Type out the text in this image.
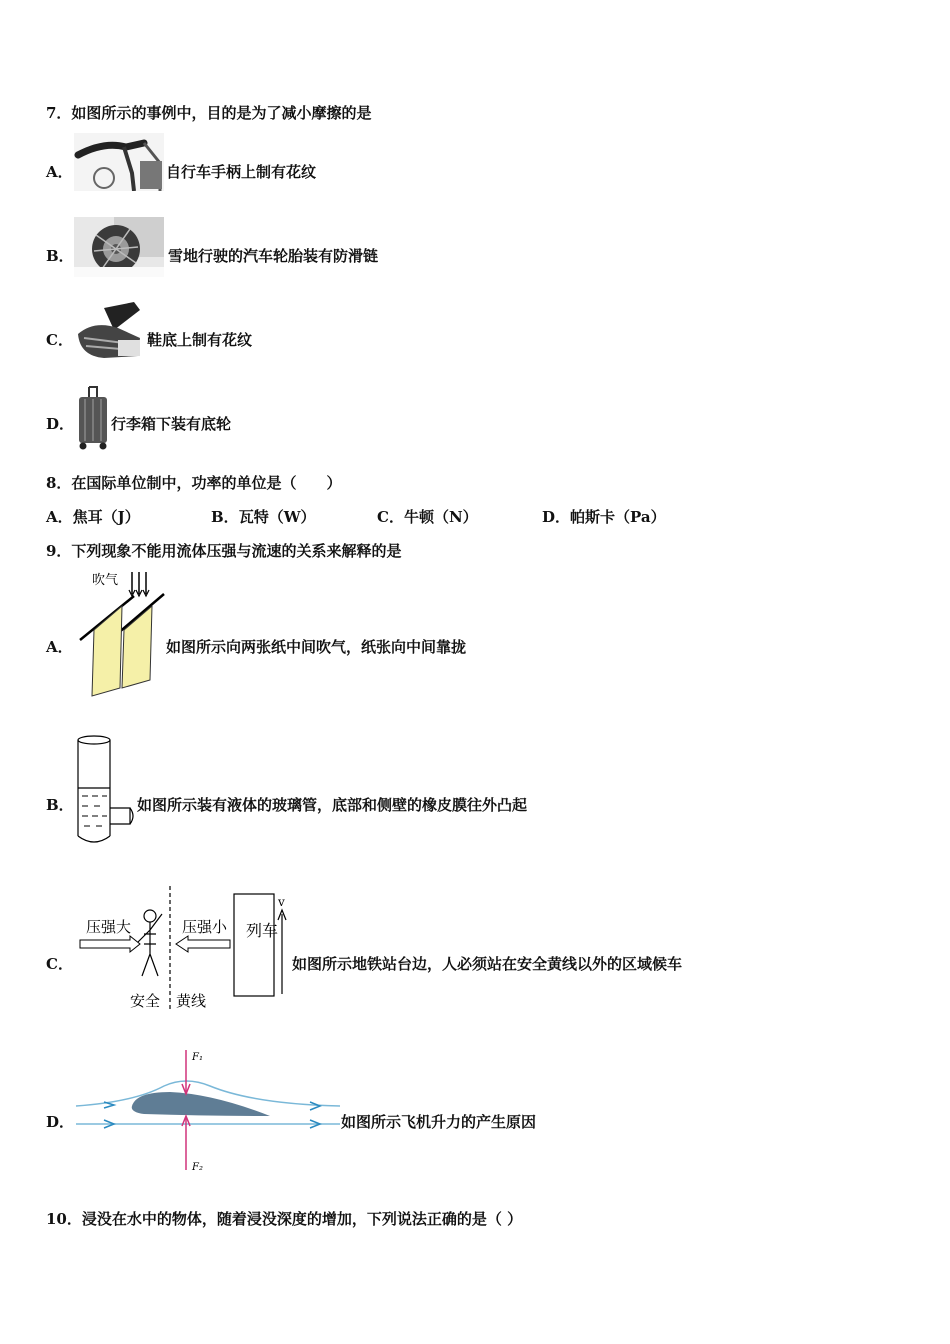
7．如图所示的事例中，目的是为了减小摩擦的是
A．	自行车手柄上制有花纹
B．	雪地行驶的汽车轮胎装有防滑链
C．	鞋底上制有花纹
D． 行李箱下装有底轮
8．在国际单位制中，功率的单位是（　　）
A．焦耳（J）	B．瓦特（W）	C．牛顿（N）	D．帕斯卡（Pa）
9．下列现象不能用流体压强与流速的关系来解释的是
A．
吹气
如图所示向两张纸中间吹气，纸张向中间靠拢
B．	如图所示装有液体的玻璃管，底部和侧壁的橡皮膜往外凸起
C．
压强大	压强小 列车
v
安全 黄线
如图所示地铁站台边，人必须站在安全黄线以外的区域候车
D．
F₁
F₂
如图所示飞机升力的产生原因
10．浸没在水中的物体，随着浸没深度的增加，下列说法正确的是（ ）
